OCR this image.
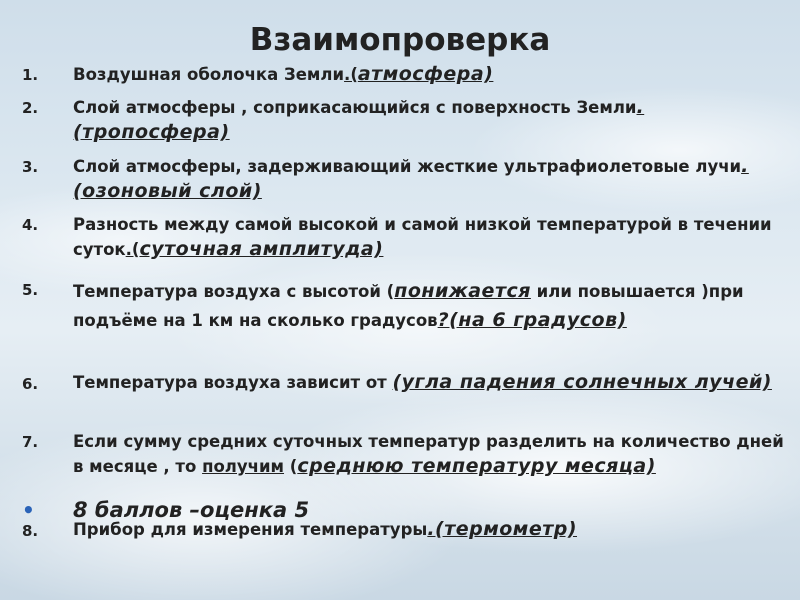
Взаимопроверка
1. Воздушная оболочка Земли.(атмосфера)
2. Слой атмосферы , соприкасающийся с поверхность Земли.(тропосфера)
3. Слой атмосферы, задерживающий жесткие ультрафиолетовые лучи.(озоновый слой)
4. Разность между самой высокой и самой низкой температурой в течении суток.(суточная амплитуда)
5. Температура воздуха с высотой (понижается или повышается )при подъёме на 1 км на сколько градусов?(на 6 градусов)
6. Температура воздуха зависит от (угла падения солнечных лучей)
7. Если сумму средних суточных температур разделить на количество дней в месяце , то получим (среднюю температуру месяца)
8. Прибор для измерения температуры.(термометр)
• 8 баллов –оценка 5
